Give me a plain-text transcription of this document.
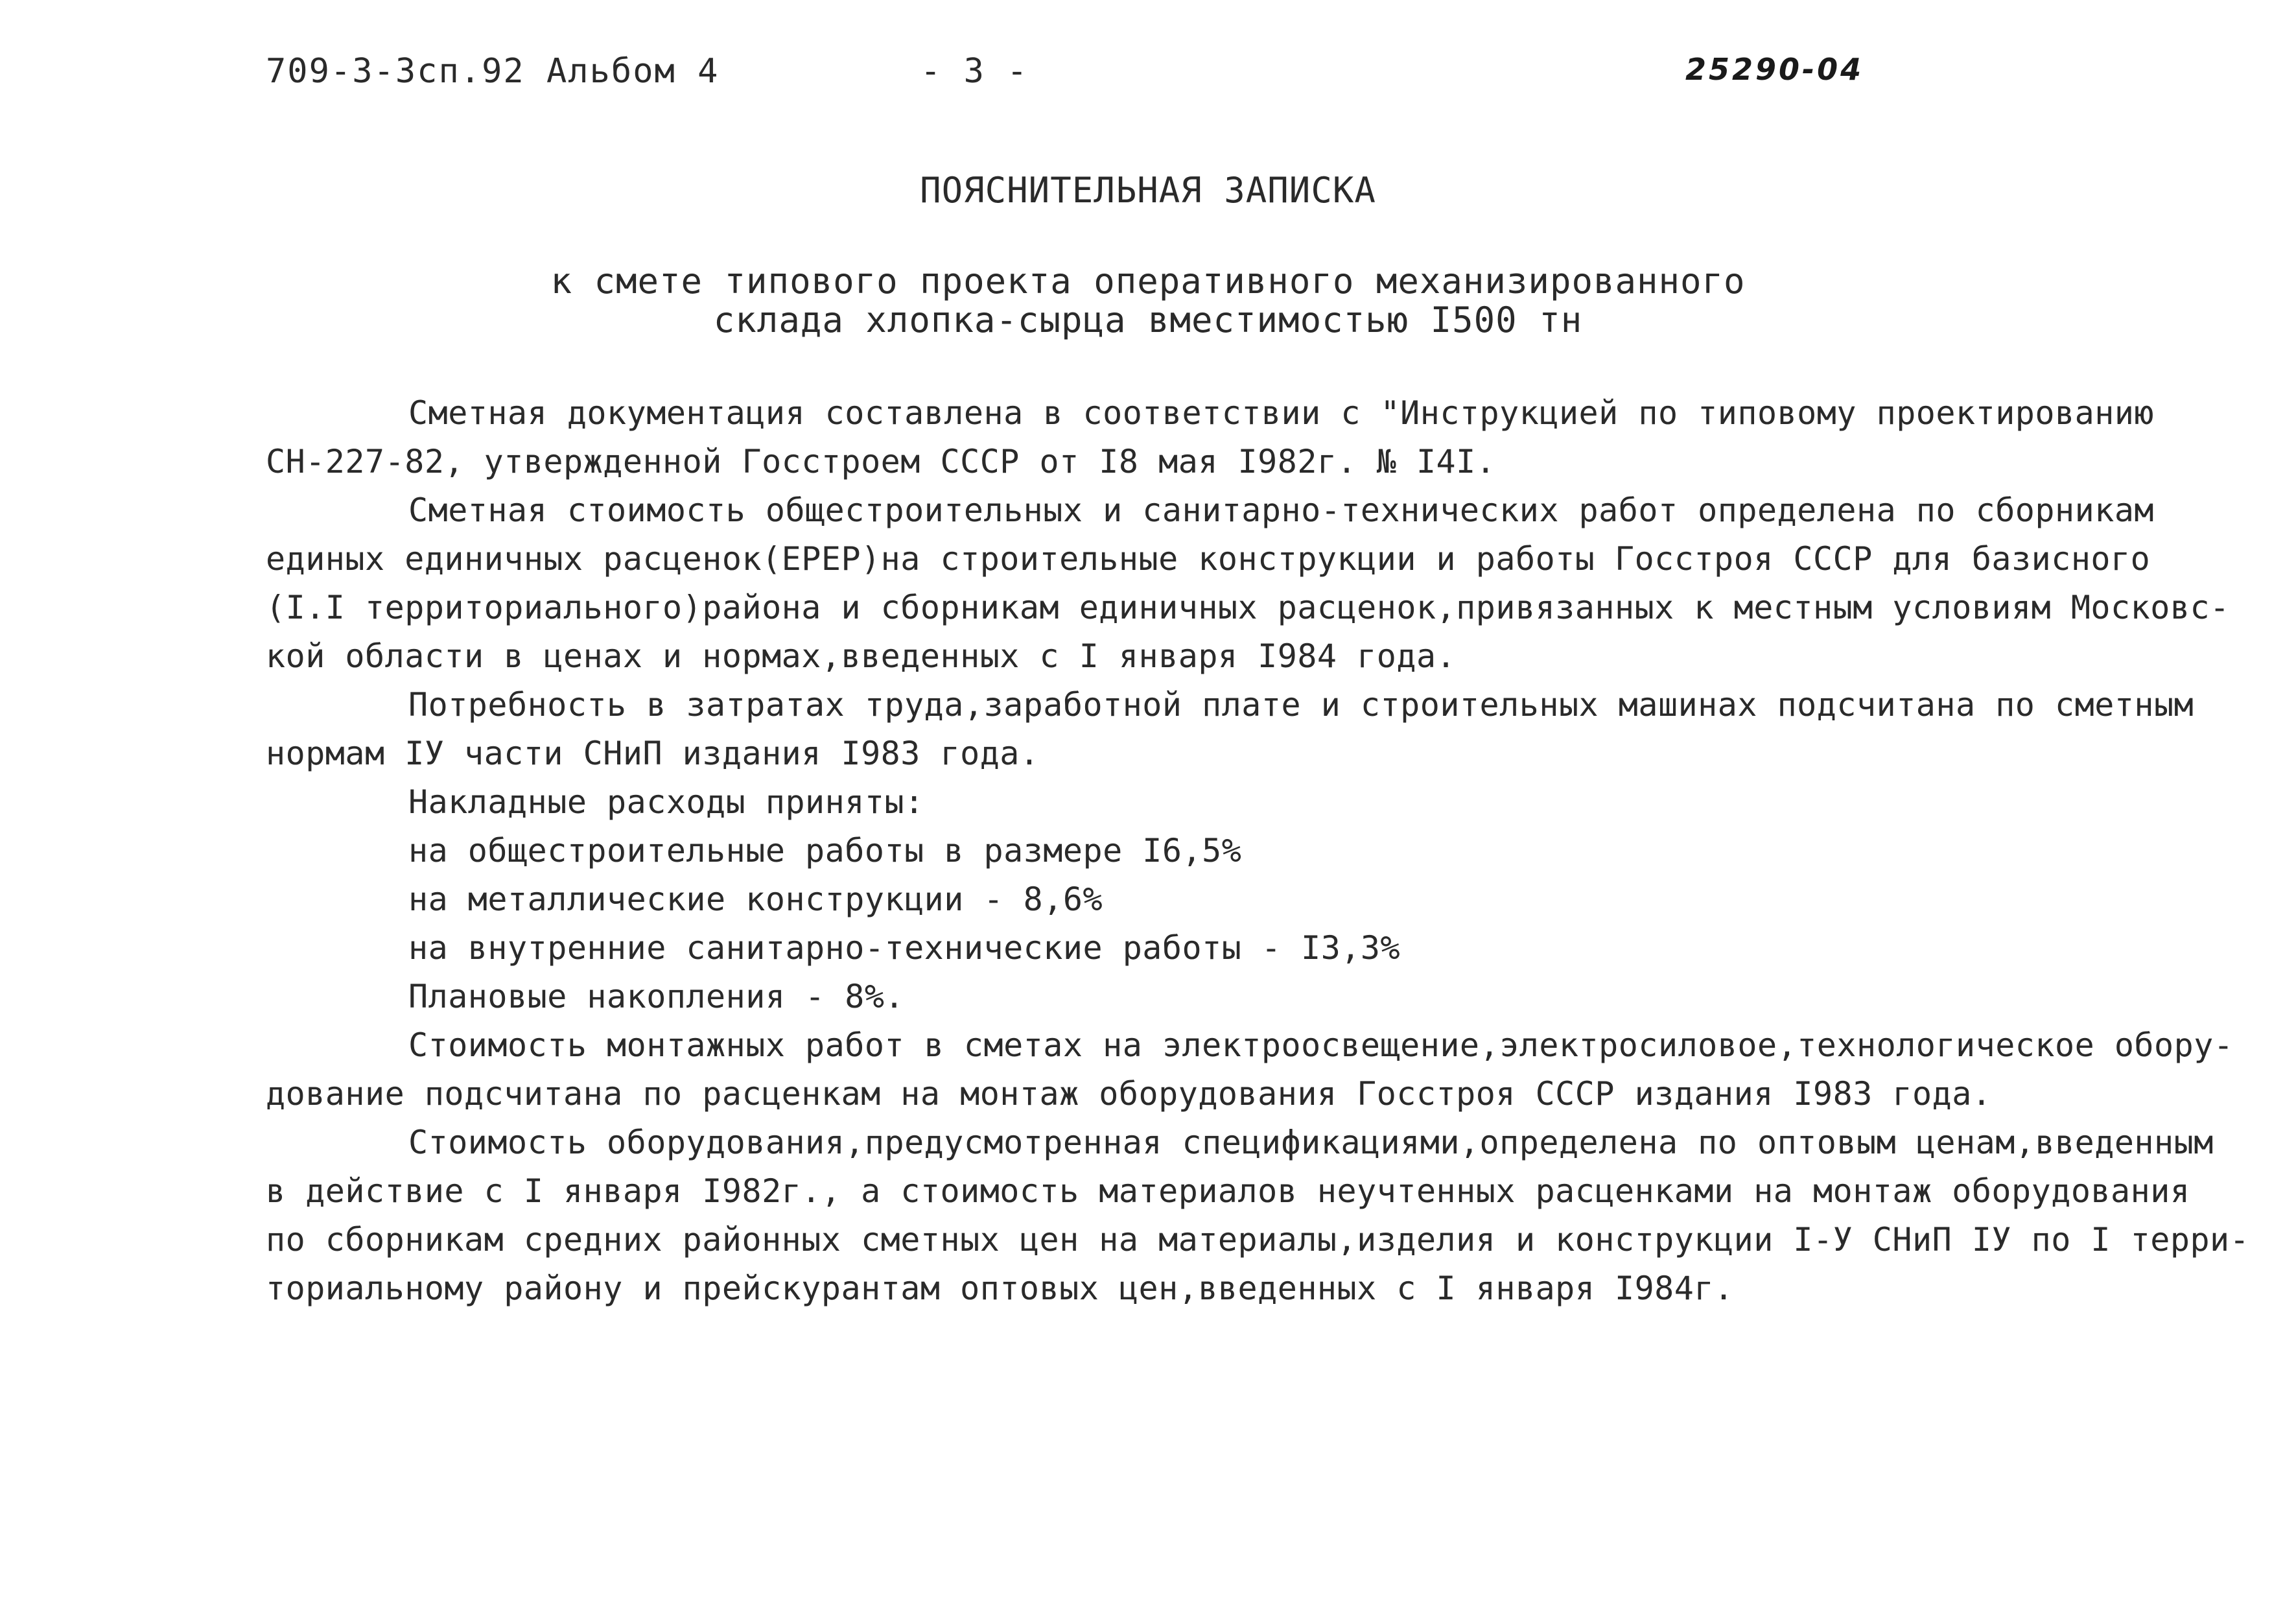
709-3-3сп.92 Альбом 4	- 3 -	25290-04
ПОЯСНИТЕЛЬНАЯ ЗАПИСКА
к смете типового проекта оперативного механизированного
склада хлопка-сырца вместимостью I500 тн
Сметная документация составлена в соответствии с "Инструкцией по типовому проектированию
СН-227-82, утвержденной Госстроем СССР от I8 мая I982г. № I4I.
Сметная стоимость общестроительных и санитарно-технических работ определена по сборникам
единых единичных расценок(ЕРЕР)на строительные конструкции и работы Госстроя СССР для базисного
(I.I территориального)района и сборникам единичных расценок,привязанных к местным условиям Московс-
кой области в ценах и нормах,введенных с I января I984 года.
Потребность в затратах труда,заработной плате и строительных машинах подсчитана по сметным
нормам IУ части СНиП издания I983 года.
Накладные расходы приняты:
на общестроительные работы в размере I6,5%
на металлические конструкции - 8,6%
на внутренние санитарно-технические работы - I3,3%
Плановые накопления - 8%.
Стоимость монтажных работ в сметах на электроосвещение,электросиловое,технологическое обору-
дование подсчитана по расценкам на монтаж оборудования Госстроя СССР издания I983 года.
Стоимость оборудования,предусмотренная спецификациями,определена по оптовым ценам,введенным
в действие с I января I982г., а стоимость материалов неучтенных расценками на монтаж оборудования
по сборникам средних районных сметных цен на материалы,изделия и конструкции I-У СНиП IУ по I терри-
ториальному району и прейскурантам оптовых цен,введенных с I января I984г.
